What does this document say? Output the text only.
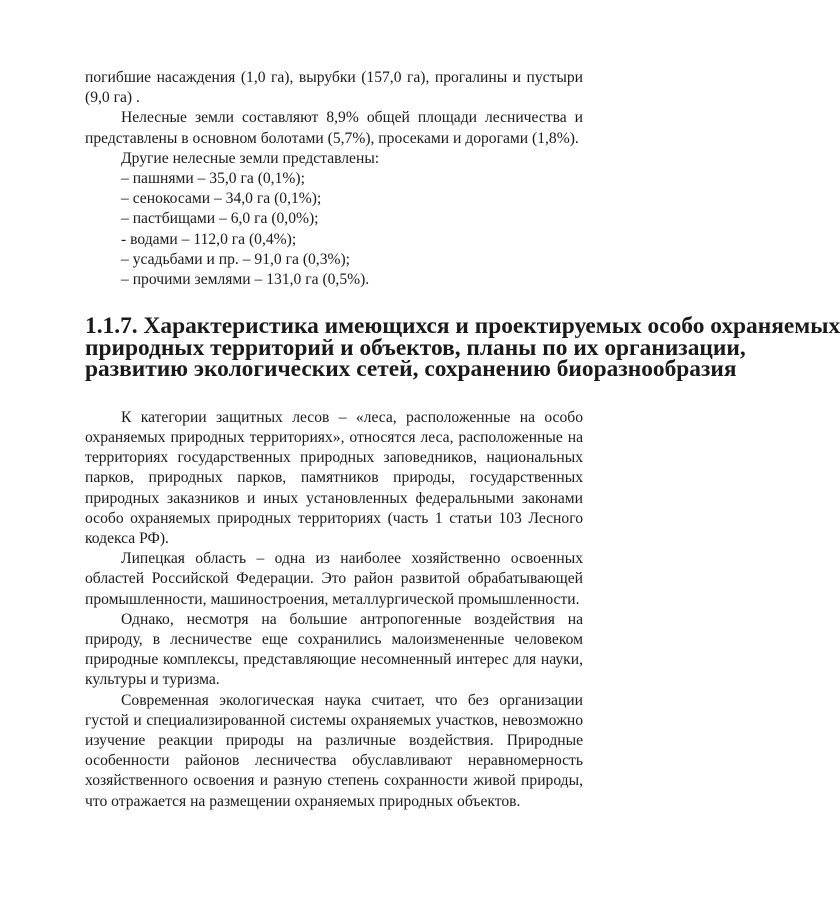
погибшие насаждения (1,0 га), вырубки (157,0 га), прогалины и пустыри (9,0 га) .

Нелесные земли составляют 8,9% общей площади лесничества и представлены в основном болотами (5,7%), просеками и дорогами (1,8%).

Другие нелесные земли представлены:

– пашнями – 35,0 га (0,1%);

– сенокосами – 34,0 га (0,1%);

– пастбищами – 6,0 га (0,0%);

- водами – 112,0 га (0,4%);

– усадьбами и пр. – 91,0 га (0,3%);

– прочими землями – 131,0 га (0,5%).

1.1.7. Характеристика имеющихся и проектируемых особо охраняемых
природных территорий и объектов, планы по их организации,
развитию экологических сетей, сохранению биоразнообразия

К категории защитных лесов – «леса, расположенные на особо охраняемых природных территориях», относятся леса, расположенные на территориях государственных природных заповедников, национальных парков, природных парков, памятников природы, государственных природных заказников и иных установленных федеральными законами особо охраняемых природных территориях (часть 1 статьи 103 Лесного кодекса РФ).

Липецкая область – одна из наиболее хозяйственно освоенных областей Российской Федерации. Это район развитой обрабатывающей промышленности, машиностроения, металлургической промышленности.

Однако, несмотря на большие антропогенные воздействия на природу, в лесничестве еще сохранились малоизмененные человеком природные комплексы, представляющие несомненный интерес для науки, культуры и туризма.

Современная экологическая наука считает, что без организации густой и специализированной системы охраняемых участков, невозможно изучение реакции природы на различные воздействия. Природные особенности районов лесничества обуславливают неравномерность хозяйственного освоения и разную степень сохранности живой природы, что отражается на размещении охраняемых природных объектов.
